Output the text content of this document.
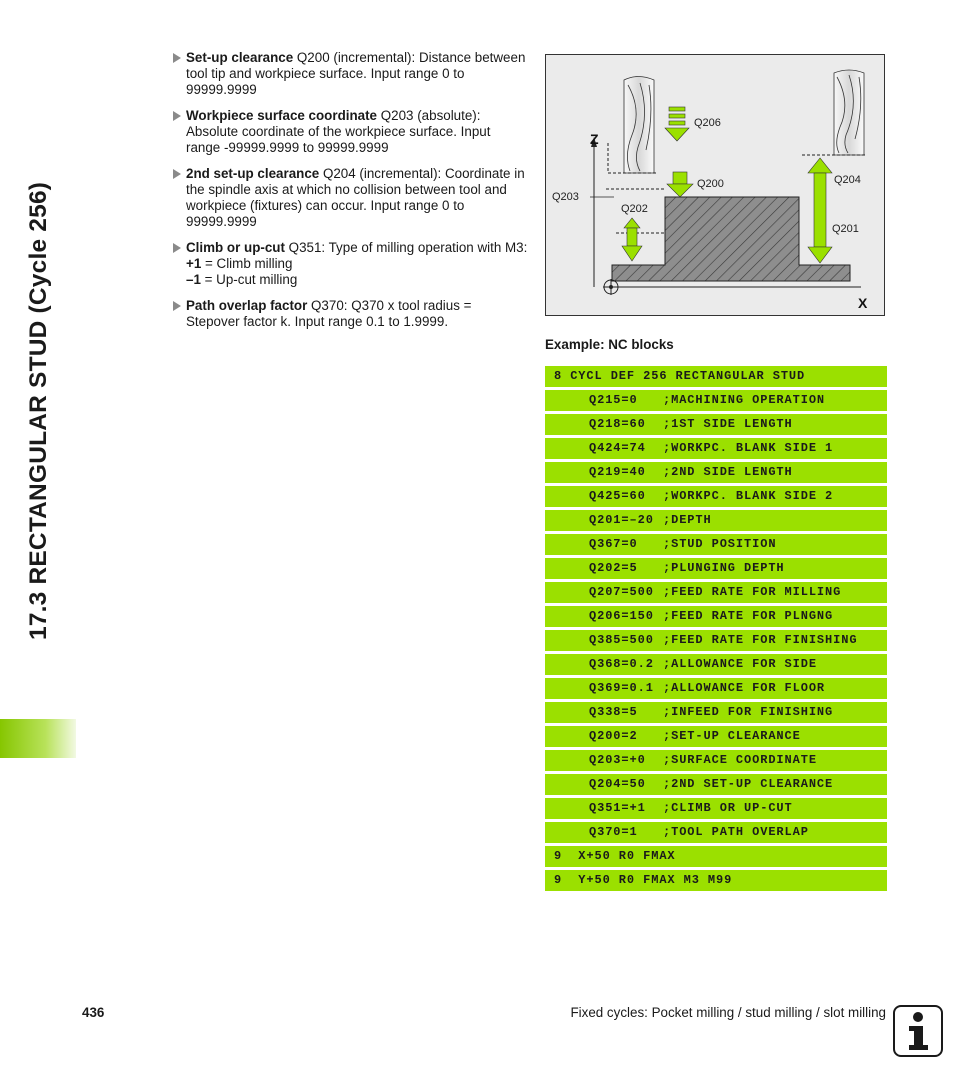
17.3 RECTANGULAR STUD (Cycle 256)
Set-up clearance Q200 (incremental): Distance between tool tip and workpiece surface. Input range 0 to 99999.9999
Workpiece surface coordinate Q203 (absolute): Absolute coordinate of the workpiece surface. Input range -99999.9999 to 99999.9999
2nd set-up clearance Q204 (incremental): Coordinate in the spindle axis at which no collision between tool and workpiece (fixtures) can occur. Input range 0 to 99999.9999
Climb or up-cut Q351: Type of milling operation with M3:
+1 = Climb milling
–1 = Up-cut milling
Path overlap factor Q370: Q370 x tool radius = Stepover factor k. Input range 0.1 to 1.9999.
Q206
Q200	Q204
Q203
Q202
Q201
Z
X
Example: NC blocks
8 CYCL DEF 256 RECTANGULAR STUD
Q215=0 ;MACHINING OPERATION
Q218=60 ;1ST SIDE LENGTH
Q424=74 ;WORKPC. BLANK SIDE 1
Q219=40 ;2ND SIDE LENGTH
Q425=60 ;WORKPC. BLANK SIDE 2
Q201=–20 ;DEPTH
Q367=0 ;STUD POSITION
Q202=5 ;PLUNGING DEPTH
Q207=500 ;FEED RATE FOR MILLING
Q206=150 ;FEED RATE FOR PLNGNG
Q385=500 ;FEED RATE FOR FINISHING
Q368=0.2 ;ALLOWANCE FOR SIDE
Q369=0.1 ;ALLOWANCE FOR FLOOR
Q338=5 ;INFEED FOR FINISHING
Q200=2 ;SET-UP CLEARANCE
Q203=+0 ;SURFACE COORDINATE
Q204=50 ;2ND SET-UP CLEARANCE
Q351=+1 ;CLIMB OR UP-CUT
Q370=1 ;TOOL PATH OVERLAP
9  X+50 R0 FMAX
9  Y+50 R0 FMAX M3 M99
436	Fixed cycles: Pocket milling / stud milling / slot milling
